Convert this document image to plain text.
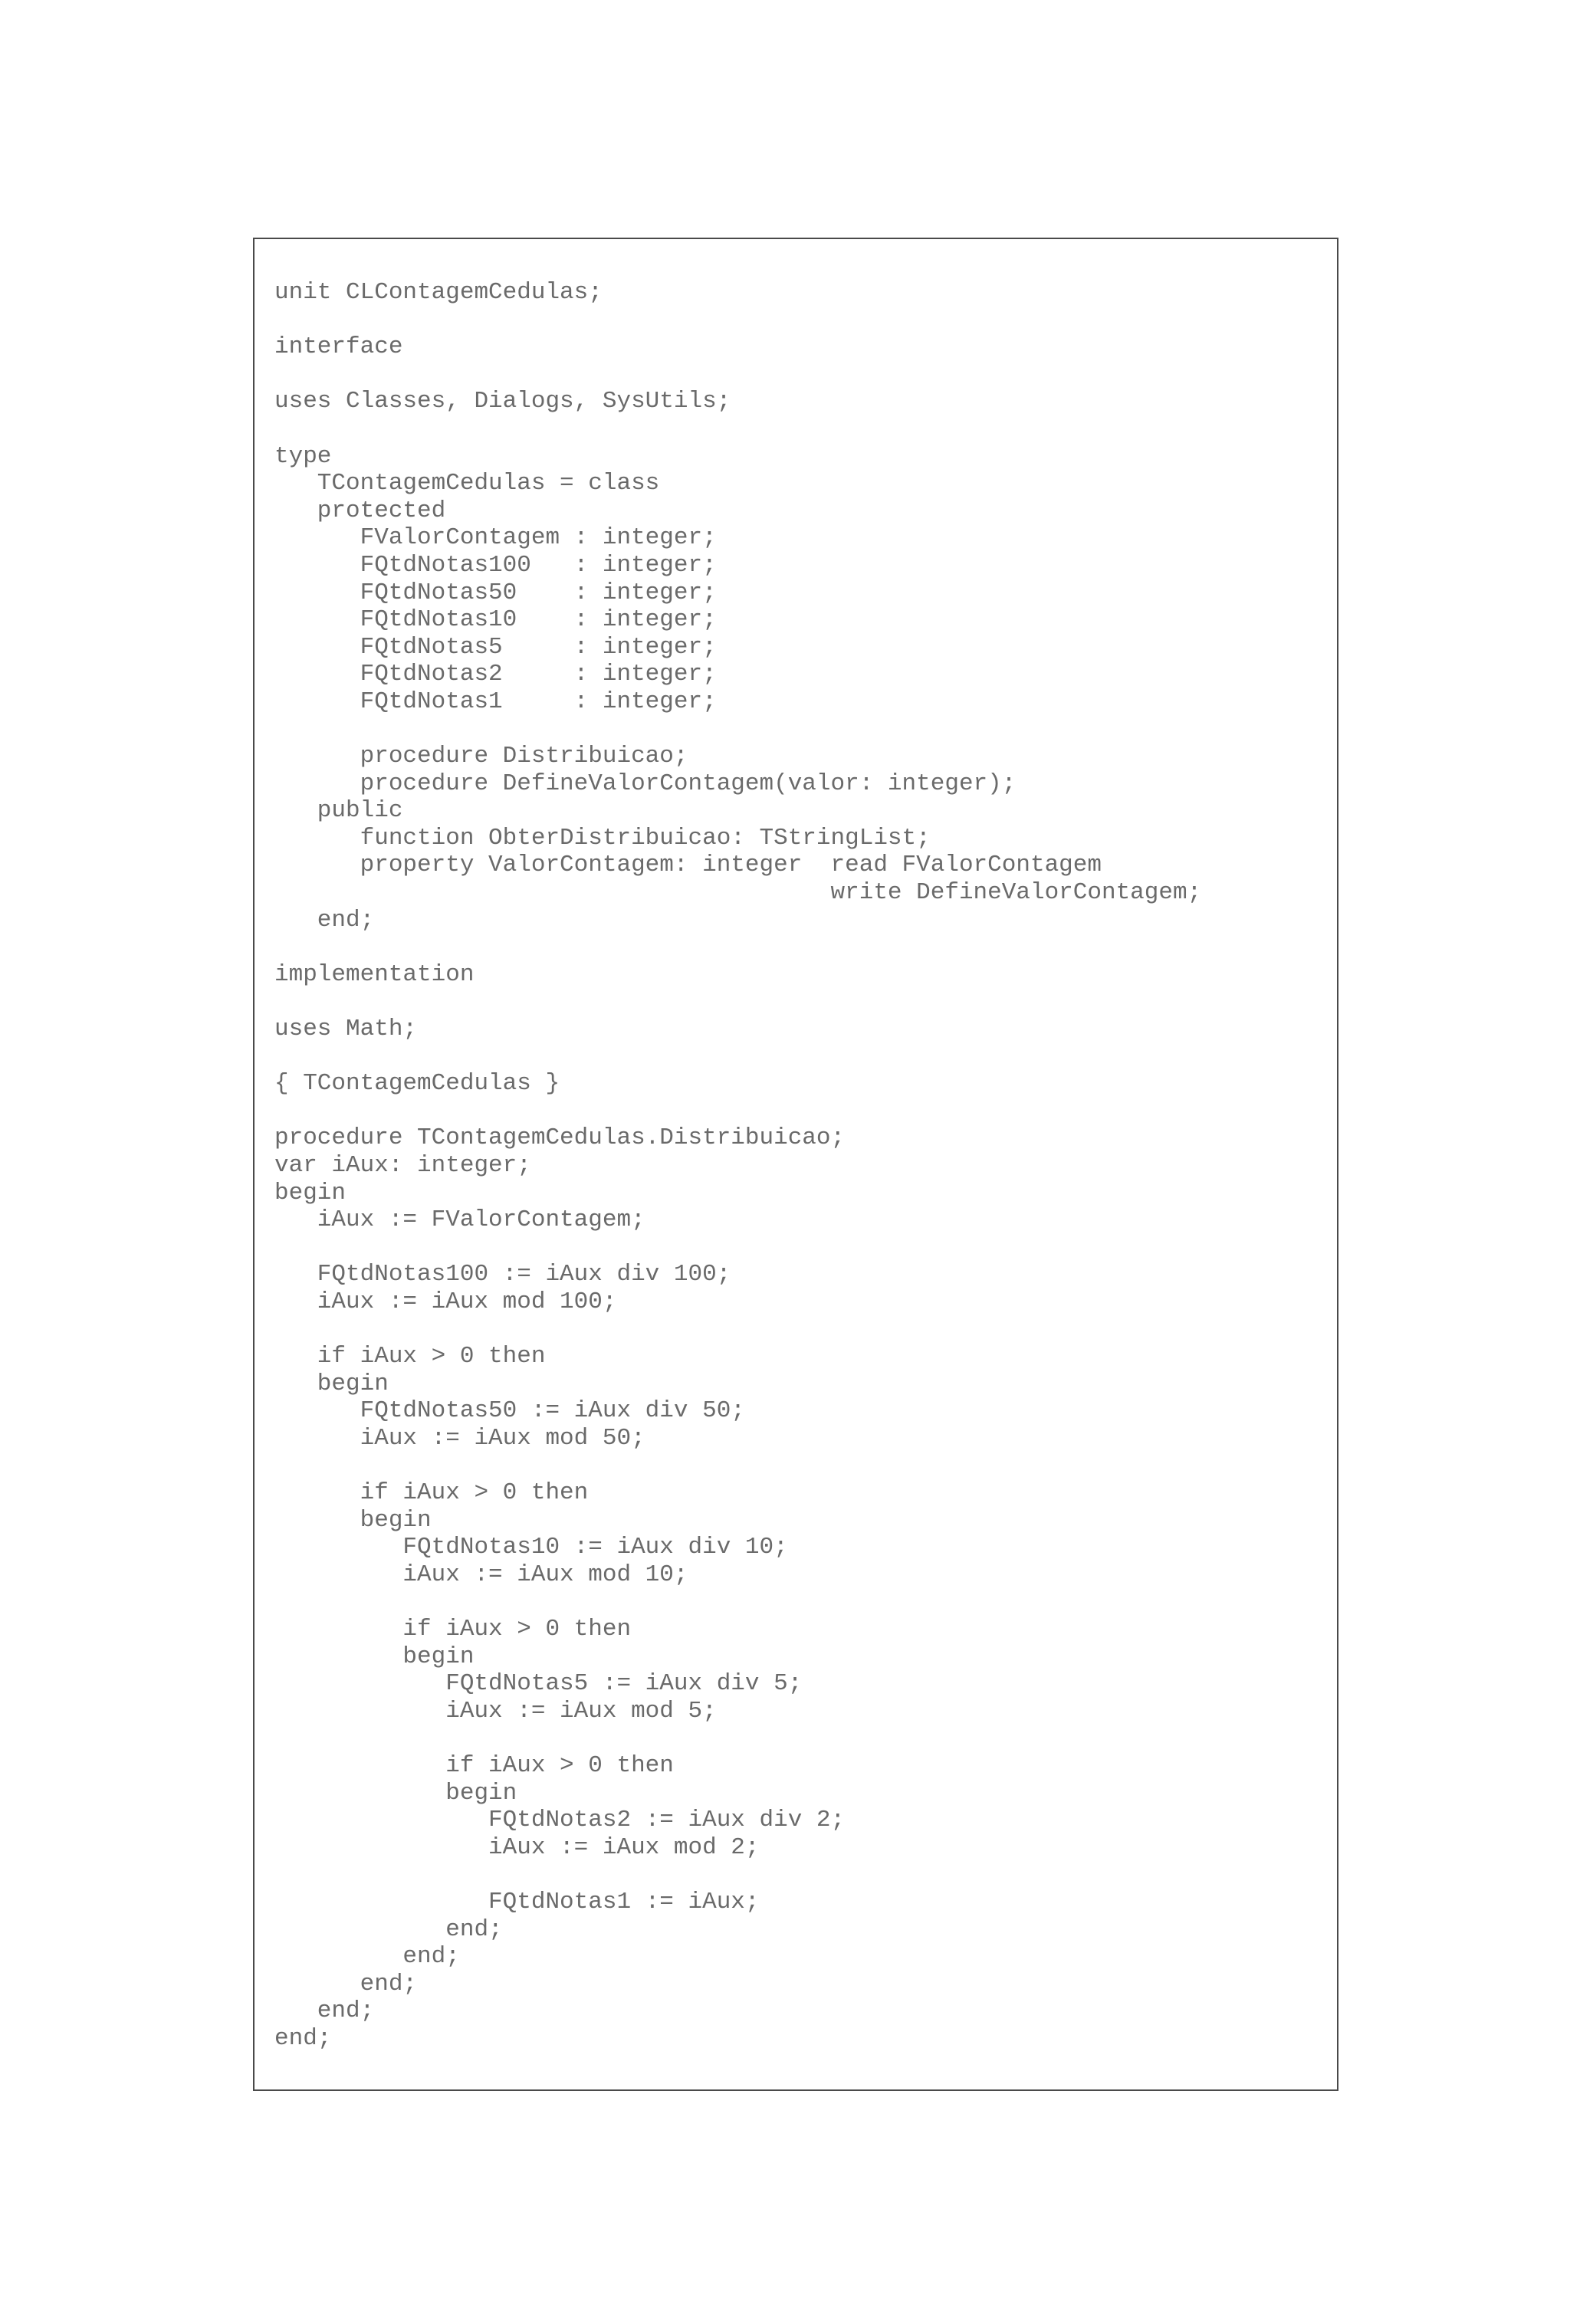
unit CLContagemCedulas;
interface
uses Classes, Dialogs, SysUtils;
type
TContagemCedulas = class
protected
FValorContagem : integer;
FQtdNotas100   : integer;
FQtdNotas50    : integer;
FQtdNotas10    : integer;
FQtdNotas5     : integer;
FQtdNotas2     : integer;
FQtdNotas1     : integer;
procedure Distribuicao;
procedure DefineValorContagem(valor: integer);
public
function ObterDistribuicao: TStringList;
property ValorContagem: integer  read FValorContagem
write DefineValorContagem;
end;
implementation
uses Math;
{ TContagemCedulas }
procedure TContagemCedulas.Distribuicao;
var iAux: integer;
begin
iAux := FValorContagem;
FQtdNotas100 := iAux div 100;
iAux := iAux mod 100;
if iAux > 0 then
begin
FQtdNotas50 := iAux div 50;
iAux := iAux mod 50;
if iAux > 0 then
begin
FQtdNotas10 := iAux div 10;
iAux := iAux mod 10;
if iAux > 0 then
begin
FQtdNotas5 := iAux div 5;
iAux := iAux mod 5;
if iAux > 0 then
begin
FQtdNotas2 := iAux div 2;
iAux := iAux mod 2;
FQtdNotas1 := iAux;
end;
end;
end;
end;
end;
